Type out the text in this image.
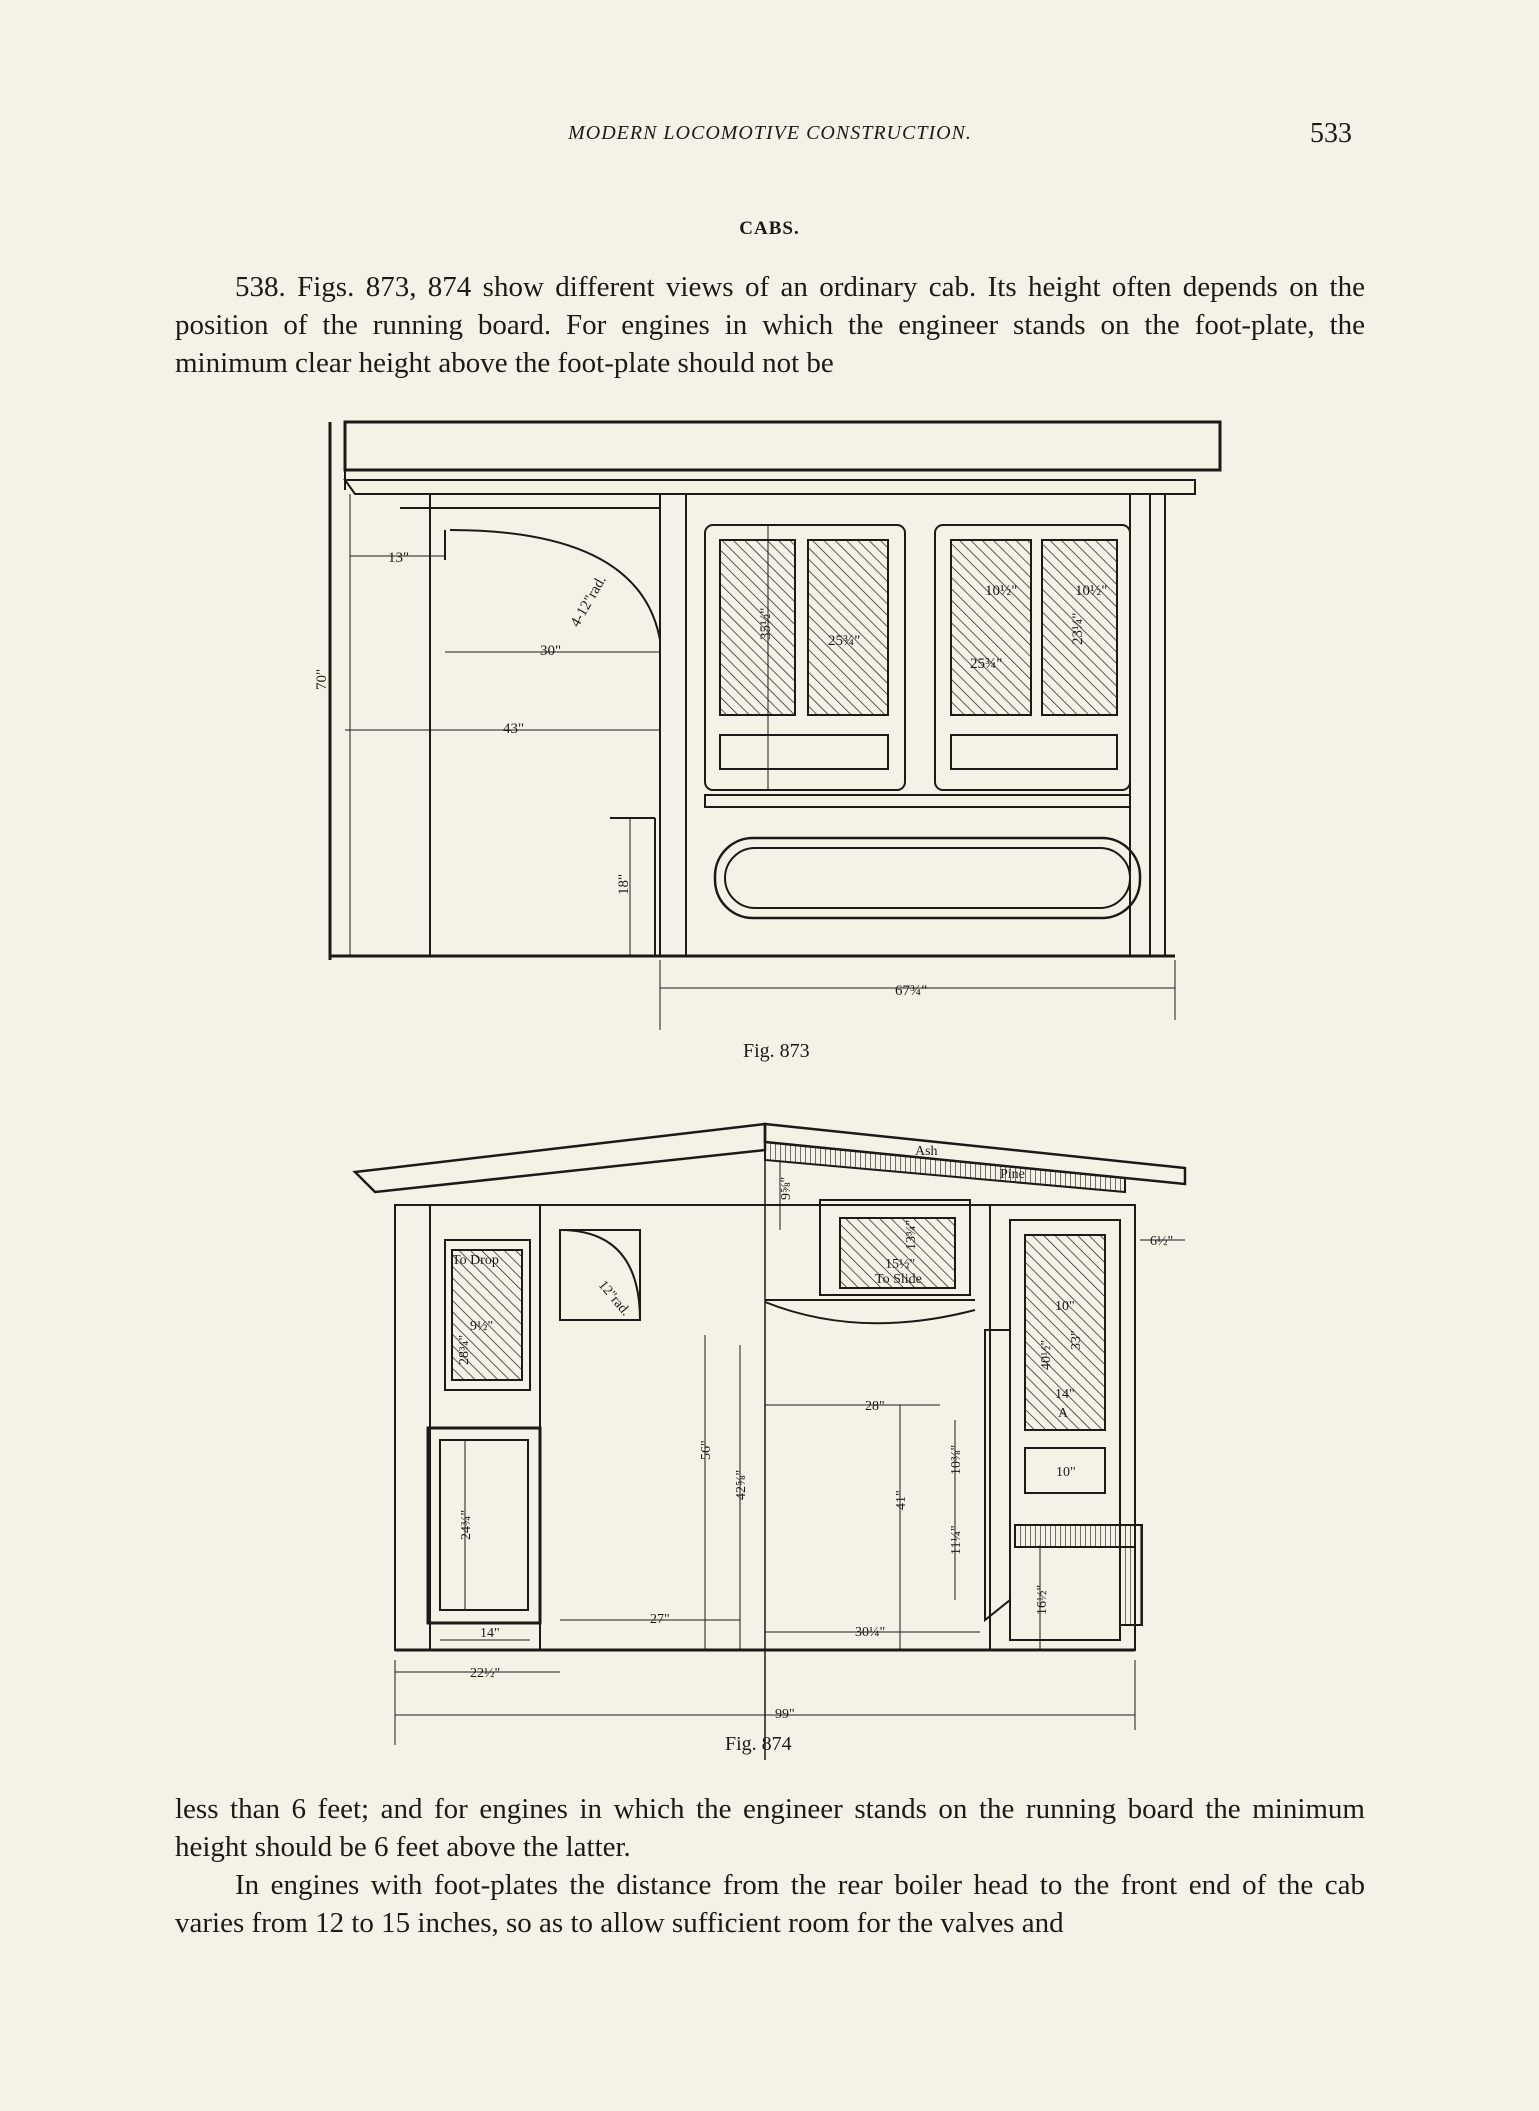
MODERN LOCOMOTIVE CONSTRUCTION.	533
CABS.
538. Figs. 873, 874 show different views of an ordinary cab. Its height often depends on the position of the running board. For engines in which the engineer stands on the foot-plate, the minimum clear height above the foot-plate should not be
13"
30"
43"
70"
18"
4-12"rad.	35½"
25¾"
25¾"
10½"	10½"
23¼"
67¾"
Fig. 873
9⅝"
6½"
Ash
Pine
15½"
13¾"
To Slide
To Drop
12"rad.
9½"
28¾"
10"
40½" 33"
14"
A
10"
56"
42⅝"
28"
41"
10⅜"
11¼"
24¾"
16½"
14"
27"
30¼"
22½"
99"
Fig. 874
less than 6 feet; and for engines in which the engineer stands on the running board the minimum height should be 6 feet above the latter.
In engines with foot-plates the distance from the rear boiler head to the front end of the cab varies from 12 to 15 inches, so as to allow sufficient room for the valves and
